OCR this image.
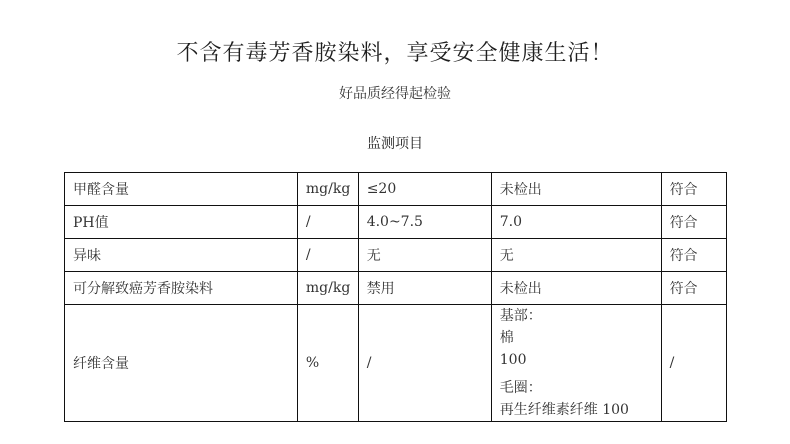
不含有毒芳香胺染料，享受安全健康生活！
好品质经得起检验
监测项目
甲醛含量	mg/kg	≤20	未检出	符合
PH值	/	4.0~7.5	7.0	符合
异味	/	无	无	符合
可分解致癌芳香胺染料	mg/kg	禁用	未检出	符合
纤维含量	%	/	基部：
棉
100
毛圈：
再生纤维素纤维 100	/
